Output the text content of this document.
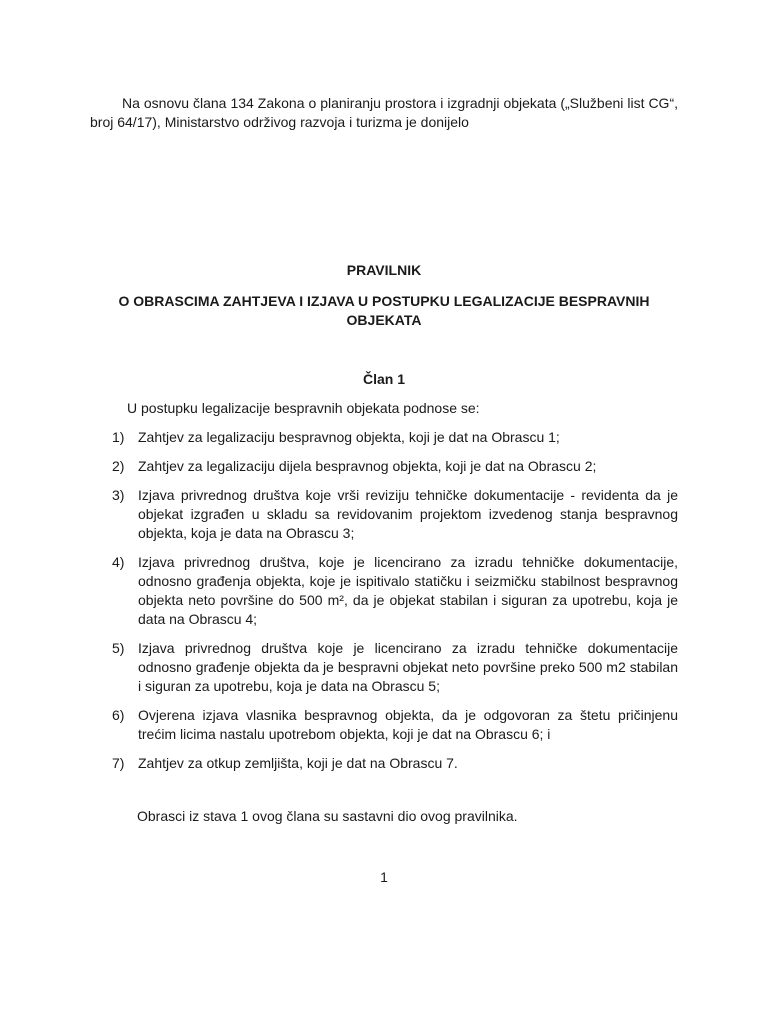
Na osnovu člana 134 Zakona o planiranju prostora i izgradnji objekata („Službeni list CG“, broj 64/17), Ministarstvo održivog razvoja i turizma je donijelo

PRAVILNIK
O OBRASCIMA ZAHTJEVA I IZJAVA U POSTUPKU LEGALIZACIJE BESPRAVNIH OBJEKATA
Član 1
U postupku legalizacije bespravnih objekata podnose se:
1) Zahtjev za legalizaciju bespravnog objekta, koji je dat na Obrascu 1;
2) Zahtjev za legalizaciju dijela bespravnog objekta, koji je dat na Obrascu 2;
3) Izjava privrednog društva koje vrši reviziju tehničke dokumentacije - revidenta da je objekat izgrađen u skladu sa revidovanim projektom izvedenog stanja bespravnog objekta, koja je data na Obrascu 3;
4) Izjava privrednog društva, koje je licencirano za izradu tehničke dokumentacije, odnosno građenja objekta, koje je ispitivalo statičku i seizmičku stabilnost bespravnog objekta neto površine do 500 m², da je objekat stabilan i siguran za upotrebu, koja je data na Obrascu 4;
5) Izjava privrednog društva koje je licencirano za izradu tehničke dokumentacije odnosno građenje objekta da je bespravni objekat neto površine preko 500 m2 stabilan i siguran za upotrebu, koja je data na Obrascu 5;
6) Ovjerena izjava vlasnika bespravnog objekta, da je odgovoran za štetu pričinjenu trećim licima nastalu upotrebom objekta, koji je dat na Obrascu 6; i
7) Zahtjev za otkup zemljišta, koji je dat na Obrascu 7.
Obrasci iz stava 1 ovog člana su sastavni dio ovog pravilnika.
1
